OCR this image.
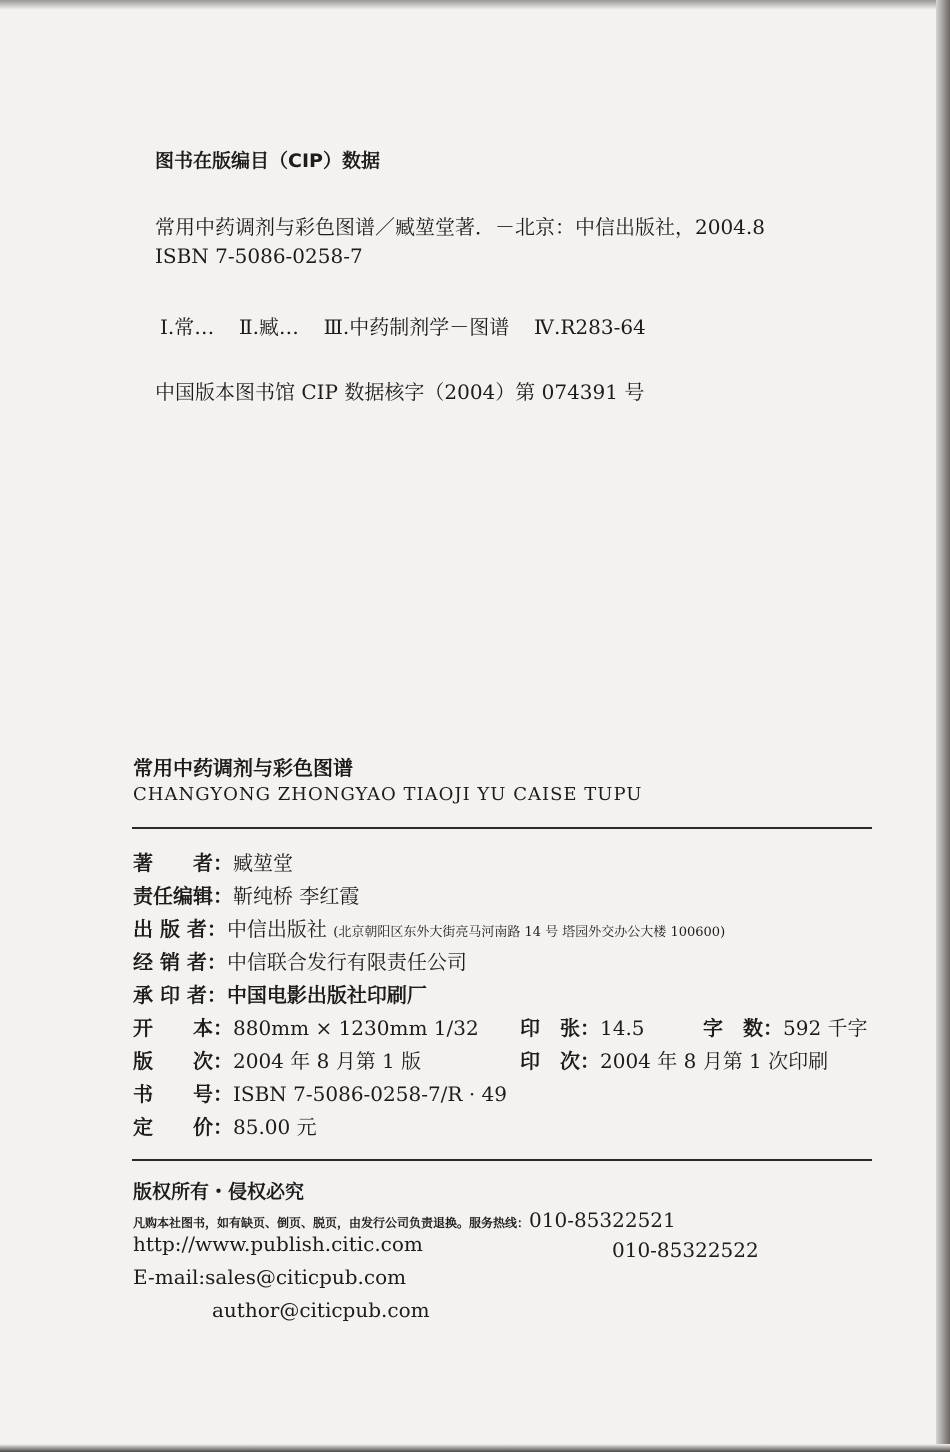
图书在版编目（CIP）数据
常用中药调剂与彩色图谱／臧堃堂著．－北京：中信出版社，2004.8
ISBN 7-5086-0258-7
Ⅰ.常…  Ⅱ.臧…  Ⅲ.中药制剂学－图谱  Ⅳ.R283-64
中国版本图书馆 CIP 数据核字（2004）第 074391 号
常用中药调剂与彩色图谱
CHANGYONG ZHONGYAO TIAOJI YU CAISE TUPU
著　　者：臧堃堂
责任编辑：靳纯桥 李红霞
出 版 者：中信出版社 (北京朝阳区东外大街亮马河南路 14 号 塔园外交办公大楼 100600)
经 销 者：中信联合发行有限责任公司
承 印 者：中国电影出版社印刷厂
开　　本：880mm × 1230mm 1/32 印　张：14.5	字　数：592 千字
版　　次：2004 年 8 月第 1 版	印　次：2004 年 8 月第 1 次印刷
书　　号：ISBN 7-5086-0258-7/R · 49
定　　价：85.00 元
版权所有・侵权必究
凡购本社图书，如有缺页、倒页、脱页，由发行公司负责退换。服务热线：010-85322521
http://www.publish.citic.com	010-85322522
E-mail:sales@citicpub.com
author@citicpub.com
